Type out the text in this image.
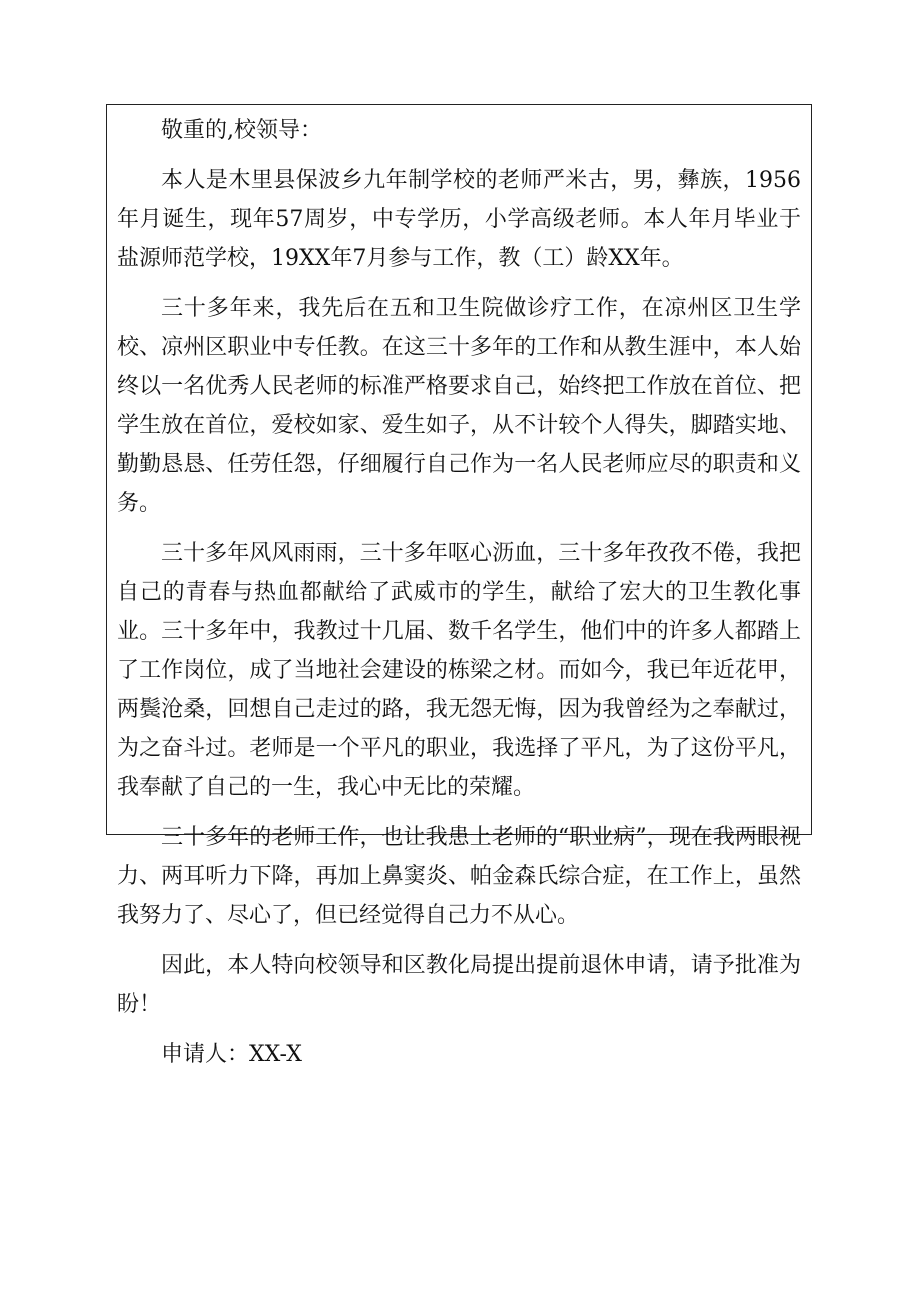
敬重的,校领导：

本人是木里县保波乡九年制学校的老师严米古，男，彝族，1956年月诞生，现年57周岁，中专学历，小学高级老师。本人年月毕业于盐源师范学校，19XX年7月参与工作，教（工）龄XX年。

三十多年来，我先后在五和卫生院做诊疗工作，在凉州区卫生学校、凉州区职业中专任教。在这三十多年的工作和从教生涯中，本人始终以一名优秀人民老师的标准严格要求自己，始终把工作放在首位、把学生放在首位，爱校如家、爱生如子，从不计较个人得失，脚踏实地、勤勤恳恳、任劳任怨，仔细履行自己作为一名人民老师应尽的职责和义务。

三十多年风风雨雨，三十多年呕心沥血，三十多年孜孜不倦，我把自己的青春与热血都献给了武威市的学生，献给了宏大的卫生教化事业。三十多年中，我教过十几届、数千名学生，他们中的许多人都踏上了工作岗位，成了当地社会建设的栋梁之材。而如今，我已年近花甲，两鬓沧桑，回想自己走过的路，我无怨无悔，因为我曾经为之奉献过，为之奋斗过。老师是一个平凡的职业，我选择了平凡，为了这份平凡，我奉献了自己的一生，我心中无比的荣耀。

三十多年的老师工作，也让我患上老师的“职业病”，现在我两眼视力、两耳听力下降，再加上鼻窦炎、帕金森氏综合症，在工作上，虽然我努力了、尽心了，但已经觉得自己力不从心。

因此，本人特向校领导和区教化局提出提前退休申请，请予批准为盼！

申请人：XX-X
